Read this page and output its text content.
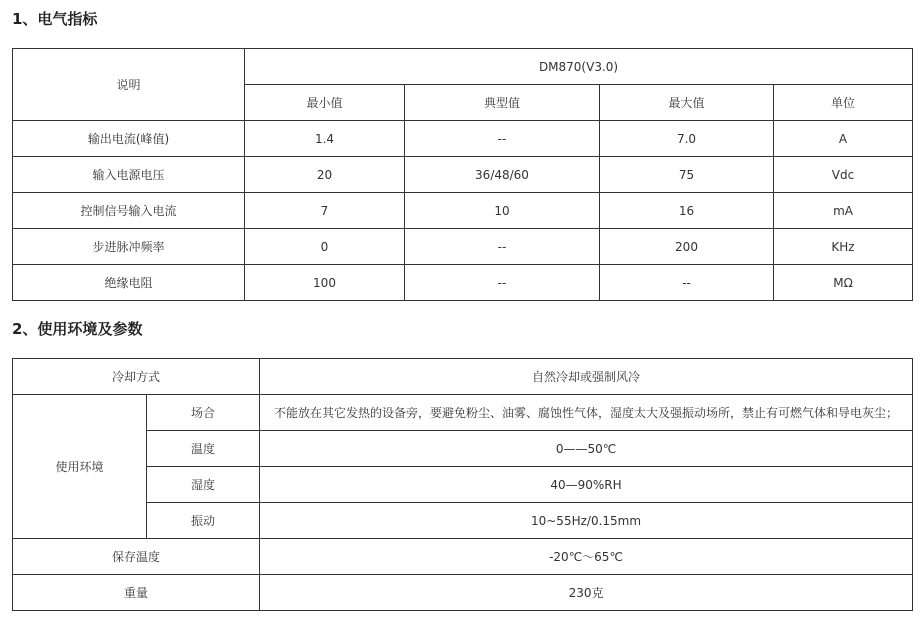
1、电气指标
说明	DM870(V3.0)			
	最小值	典型值	最大值	单位
输出电流(峰值)	1.4	--	7.0	A
输入电源电压	20	36/48/60	75	Vdc
控制信号输入电流	7	10	16	mA
步进脉冲频率	0	--	200	KHz
绝缘电阻	100	--	--	MΩ
2、使用环境及参数
冷却方式		自然冷却或强制风冷
使用环境	场合	不能放在其它发热的设备旁，要避免粉尘、油雾、腐蚀性气体，湿度太大及强振动场所，禁止有可燃气体和导电灰尘；
	温度	0——50℃
	湿度	40—90%RH
	振动	10~55Hz/0.15mm
保存温度		-20℃～65℃
重量		230克
